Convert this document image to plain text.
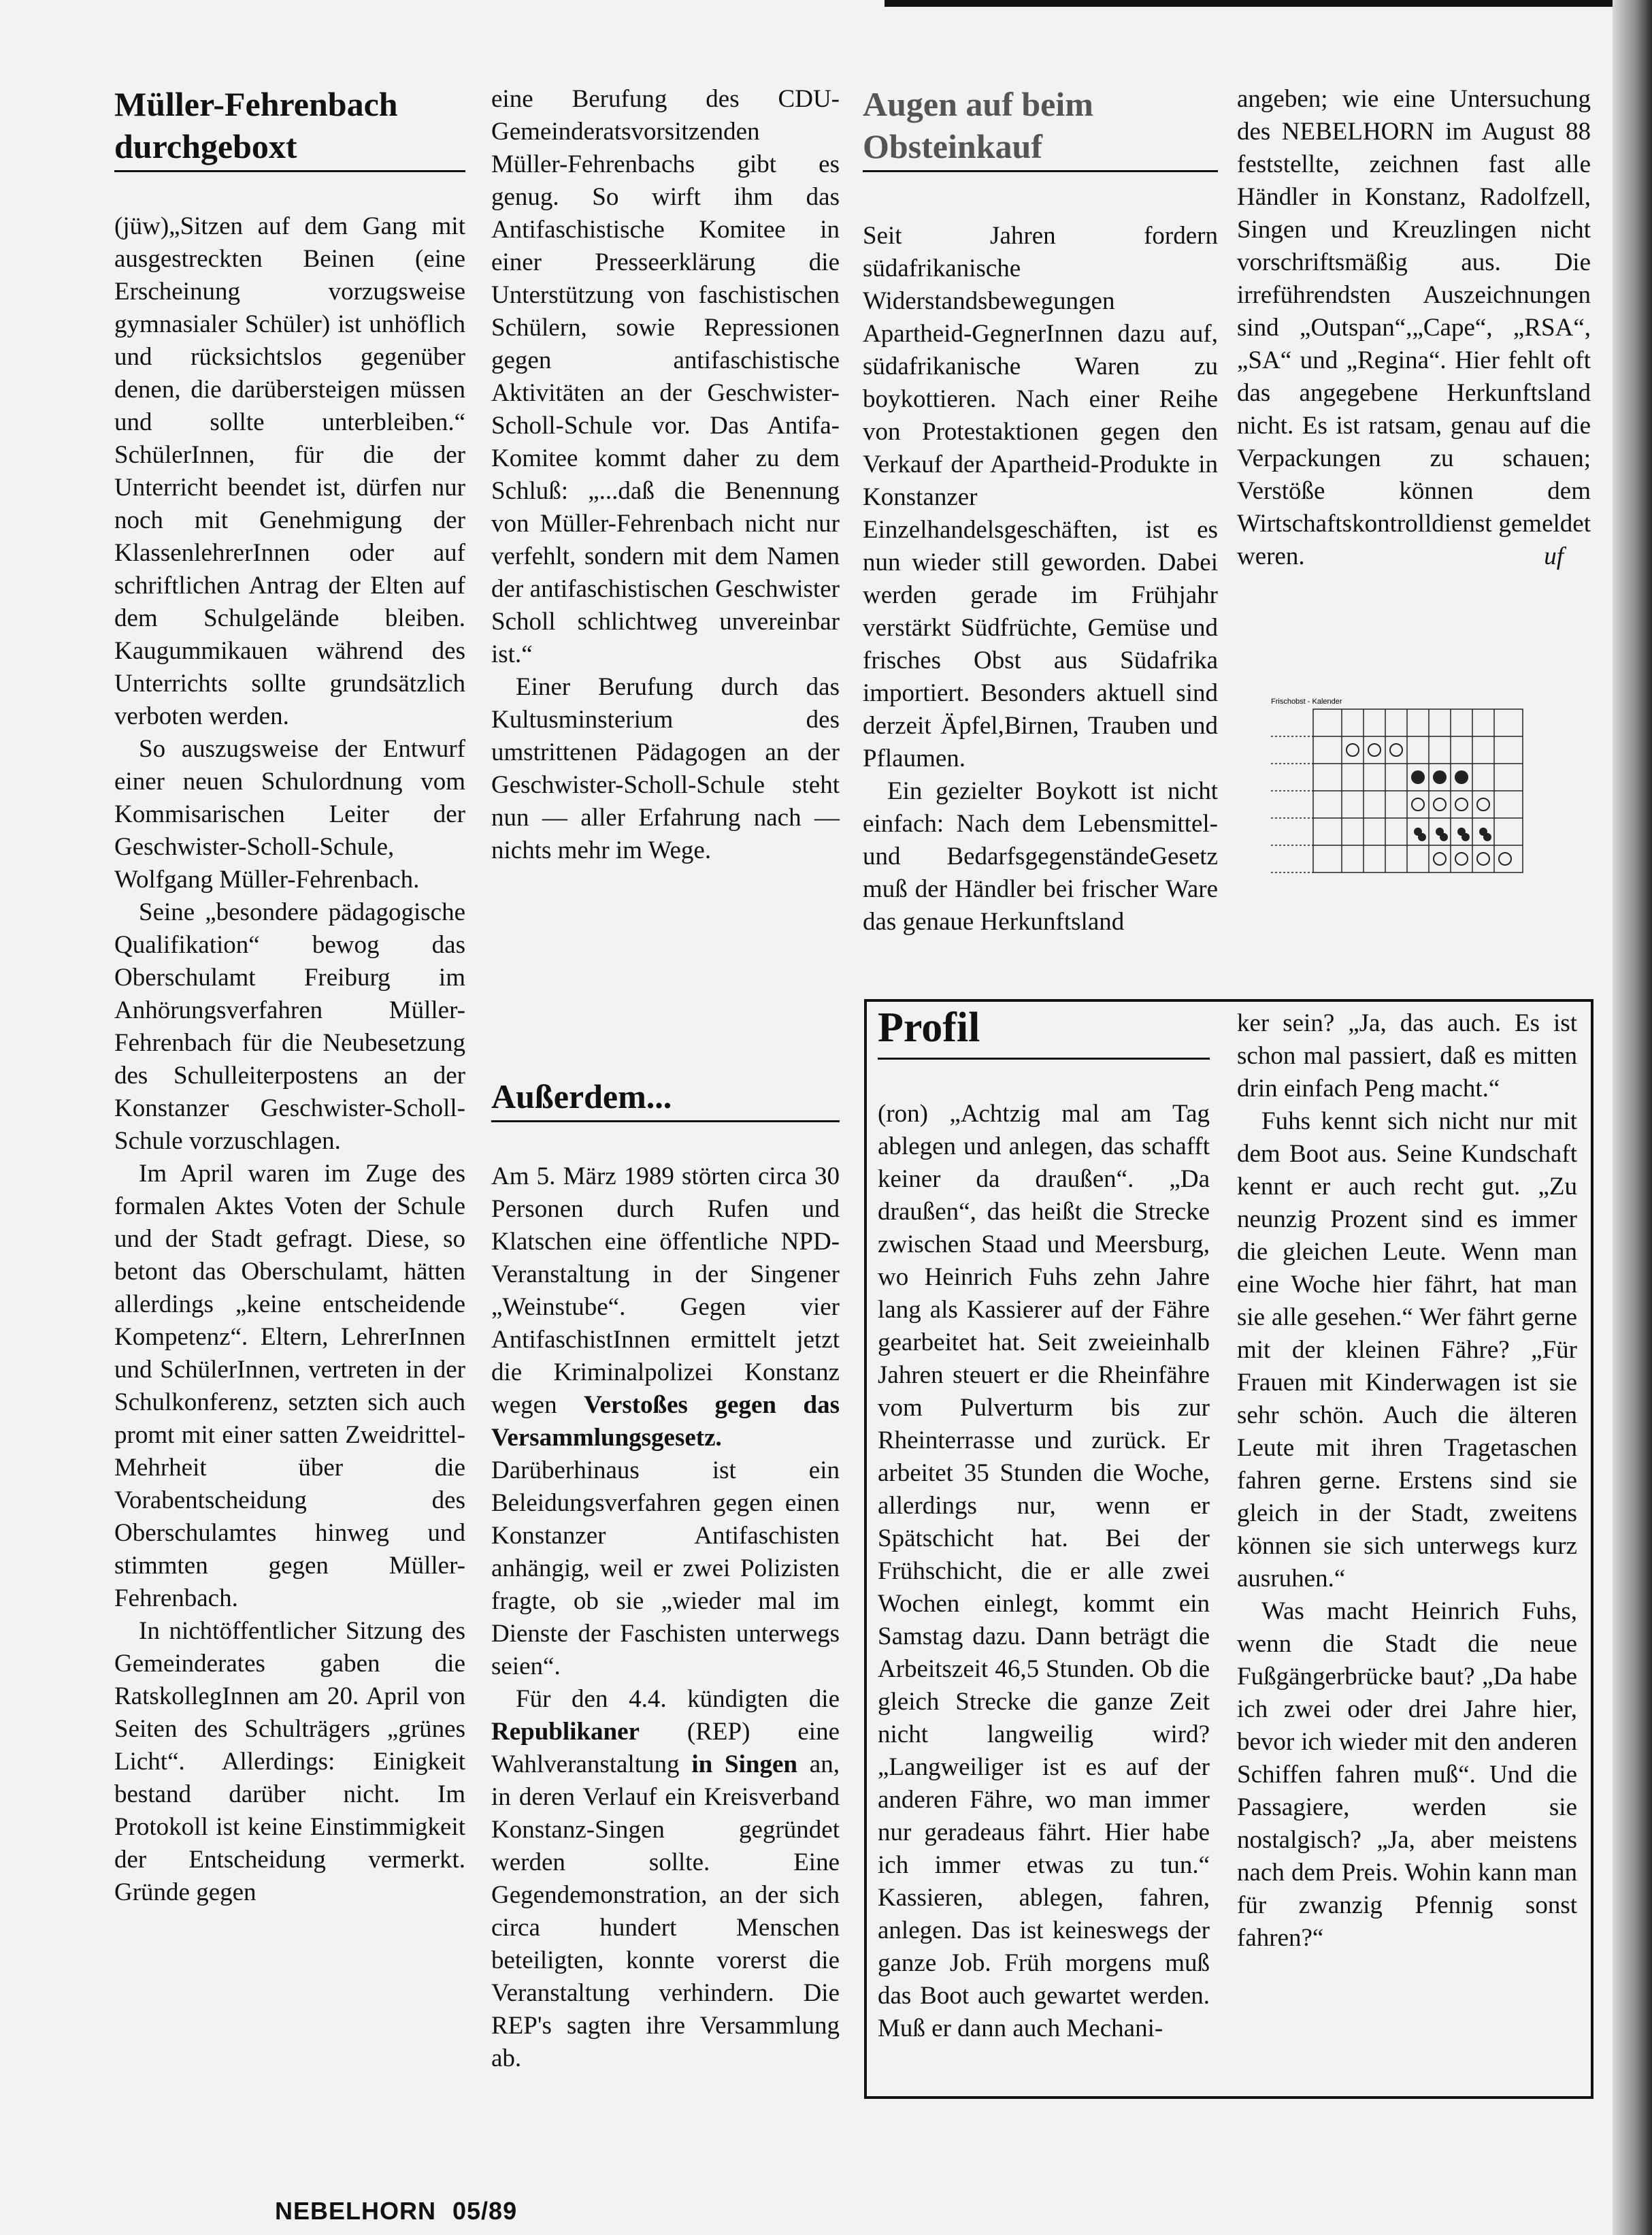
Müller-Fehrenbach durchgeboxt

(jüw)„Sitzen auf dem Gang mit ausgestreckten Beinen (eine Erscheinung vorzugsweise gymnasialer Schüler) ist unhöflich und rücksichtslos gegenüber denen, die darübersteigen müssen und sollte unterbleiben.“ SchülerInnen, für die der Unterricht beendet ist, dürfen nur noch mit Genehmigung der KlassenlehrerInnen oder auf schriftlichen Antrag der Elten auf dem Schulgelände bleiben. Kaugummikauen während des Unterrichts sollte grundsätzlich verboten werden.

So auszugsweise der Entwurf einer neuen Schulordnung vom Kommisarischen Leiter der Geschwister-Scholl-Schule, Wolfgang Müller-Fehrenbach.

Seine „besondere pädagogische Qualifikation“ bewog das Oberschulamt Freiburg im Anhörungsverfahren Müller-Fehrenbach für die Neubesetzung des Schulleiterpostens an der Konstanzer Geschwister-Scholl-Schule vorzuschlagen.

Im April waren im Zuge des formalen Aktes Voten der Schule und der Stadt gefragt. Diese, so betont das Oberschulamt, hätten allerdings „keine entscheidende Kompetenz“. Eltern, LehrerInnen und SchülerInnen, vertreten in der Schulkonferenz, setzten sich auch promt mit einer satten Zweidrittel-Mehrheit über die Vorabentscheidung des Oberschulamtes hinweg und stimmten gegen Müller-Fehrenbach.

In nichtöffentlicher Sitzung des Gemeinderates gaben die RatskollegInnen am 20. April von Seiten des Schulträgers „grünes Licht“. Allerdings: Einigkeit bestand darüber nicht. Im Protokoll ist keine Einstimmigkeit der Entscheidung vermerkt. Gründe gegen

eine Berufung des CDU-Gemeinderatsvorsitzenden Müller-Fehrenbachs gibt es genug. So wirft ihm das Antifaschistische Komitee in einer Presseerklärung die Unterstützung von faschistischen Schülern, sowie Repressionen gegen antifaschistische Aktivitäten an der Geschwister-Scholl-Schule vor. Das Antifa-Komitee kommt daher zu dem Schluß: „...daß die Benennung von Müller-Fehrenbach nicht nur verfehlt, sondern mit dem Namen der antifaschistischen Geschwister Scholl schlichtweg unvereinbar ist.“

Einer Berufung durch das Kultusminsterium des umstrittenen Pädagogen an der Geschwister-Scholl-Schule steht nun — aller Erfahrung nach — nichts mehr im Wege.

Außerdem...

Am 5. März 1989 störten circa 30 Personen durch Rufen und Klatschen eine öffentliche NPD-Veranstaltung in der Singener „Weinstube“. Gegen vier AntifaschistInnen ermittelt jetzt die Kriminalpolizei Konstanz wegen Verstoßes gegen das Versammlungsgesetz. Darüberhinaus ist ein Beleidungsverfahren gegen einen Konstanzer Antifaschisten anhängig, weil er zwei Polizisten fragte, ob sie „wieder mal im Dienste der Faschisten unterwegs seien“.

Für den 4.4. kündigten die Republikaner (REP) eine Wahlveranstaltung in Singen an, in deren Verlauf ein Kreisverband Konstanz-Singen gegründet werden sollte. Eine Gegendemonstration, an der sich circa hundert Menschen beteiligten, konnte vorerst die Veranstaltung verhindern. Die REP's sagten ihre Versammlung ab.

Augen auf beim Obsteinkauf

Seit Jahren fordern südafrikanische Widerstandsbewegungen Apartheid-GegnerInnen dazu auf, südafrikanische Waren zu boykottieren. Nach einer Reihe von Protestaktionen gegen den Verkauf der Apartheid-Produkte in Konstanzer Einzelhandelsgeschäften, ist es nun wieder still geworden. Dabei werden gerade im Frühjahr verstärkt Südfrüchte, Gemüse und frisches Obst aus Südafrika importiert. Besonders aktuell sind derzeit Äpfel,Birnen, Trauben und Pflaumen.

Ein gezielter Boykott ist nicht einfach: Nach dem Lebensmittel- und BedarfsgegenständeGesetz muß der Händler bei frischer Ware das genaue Herkunftsland

angeben; wie eine Untersuchung des NEBELHORN im August 88 feststellte, zeichnen fast alle Händler in Konstanz, Radolfzell, Singen und Kreuzlingen nicht vorschriftsmäßig aus. Die irreführendsten Auszeichnungen sind „Outspan“,„Cape“, „RSA“, „SA“ und „Regina“. Hier fehlt oft das angegebene Herkunftsland nicht. Es ist ratsam, genau auf die Verpackungen zu schauen; Verstöße können dem Wirtschaftskontrolldienst gemeldet weren.	uf

Frischobst - Kalender
Profil

(ron) „Achtzig mal am Tag ablegen und anlegen, das schafft keiner da draußen“. „Da draußen“, das heißt die Strecke zwischen Staad und Meersburg, wo Heinrich Fuhs zehn Jahre lang als Kassierer auf der Fähre gearbeitet hat. Seit zweieinhalb Jahren steuert er die Rheinfähre vom Pulverturm bis zur Rheinterrasse und zurück. Er arbeitet 35 Stunden die Woche, allerdings nur, wenn er Spätschicht hat. Bei der Frühschicht, die er alle zwei Wochen einlegt, kommt ein Samstag dazu. Dann beträgt die Arbeitszeit 46,5 Stunden. Ob die gleich Strecke die ganze Zeit nicht langweilig wird? „Langweiliger ist es auf der anderen Fähre, wo man immer nur geradeaus fährt. Hier habe ich immer etwas zu tun.“ Kassieren, ablegen, fahren, anlegen. Das ist keineswegs der ganze Job. Früh morgens muß das Boot auch gewartet werden. Muß er dann auch Mechani-

ker sein? „Ja, das auch. Es ist schon mal passiert, daß es mitten drin einfach Peng macht.“

Fuhs kennt sich nicht nur mit dem Boot aus. Seine Kundschaft kennt er auch recht gut. „Zu neunzig Prozent sind es immer die gleichen Leute. Wenn man eine Woche hier fährt, hat man sie alle gesehen.“ Wer fährt gerne mit der kleinen Fähre? „Für Frauen mit Kinderwagen ist sie sehr schön. Auch die älteren Leute mit ihren Tragetaschen fahren gerne. Erstens sind sie gleich in der Stadt, zweitens können sie sich unterwegs kurz ausruhen.“

Was macht Heinrich Fuhs, wenn die Stadt die neue Fußgängerbrücke baut? „Da habe ich zwei oder drei Jahre hier, bevor ich wieder mit den anderen Schiffen fahren muß“. Und die Passagiere, werden sie nostalgisch? „Ja, aber meistens nach dem Preis. Wohin kann man für zwanzig Pfennig sonst fahren?“

NEBELHORN 05/89
